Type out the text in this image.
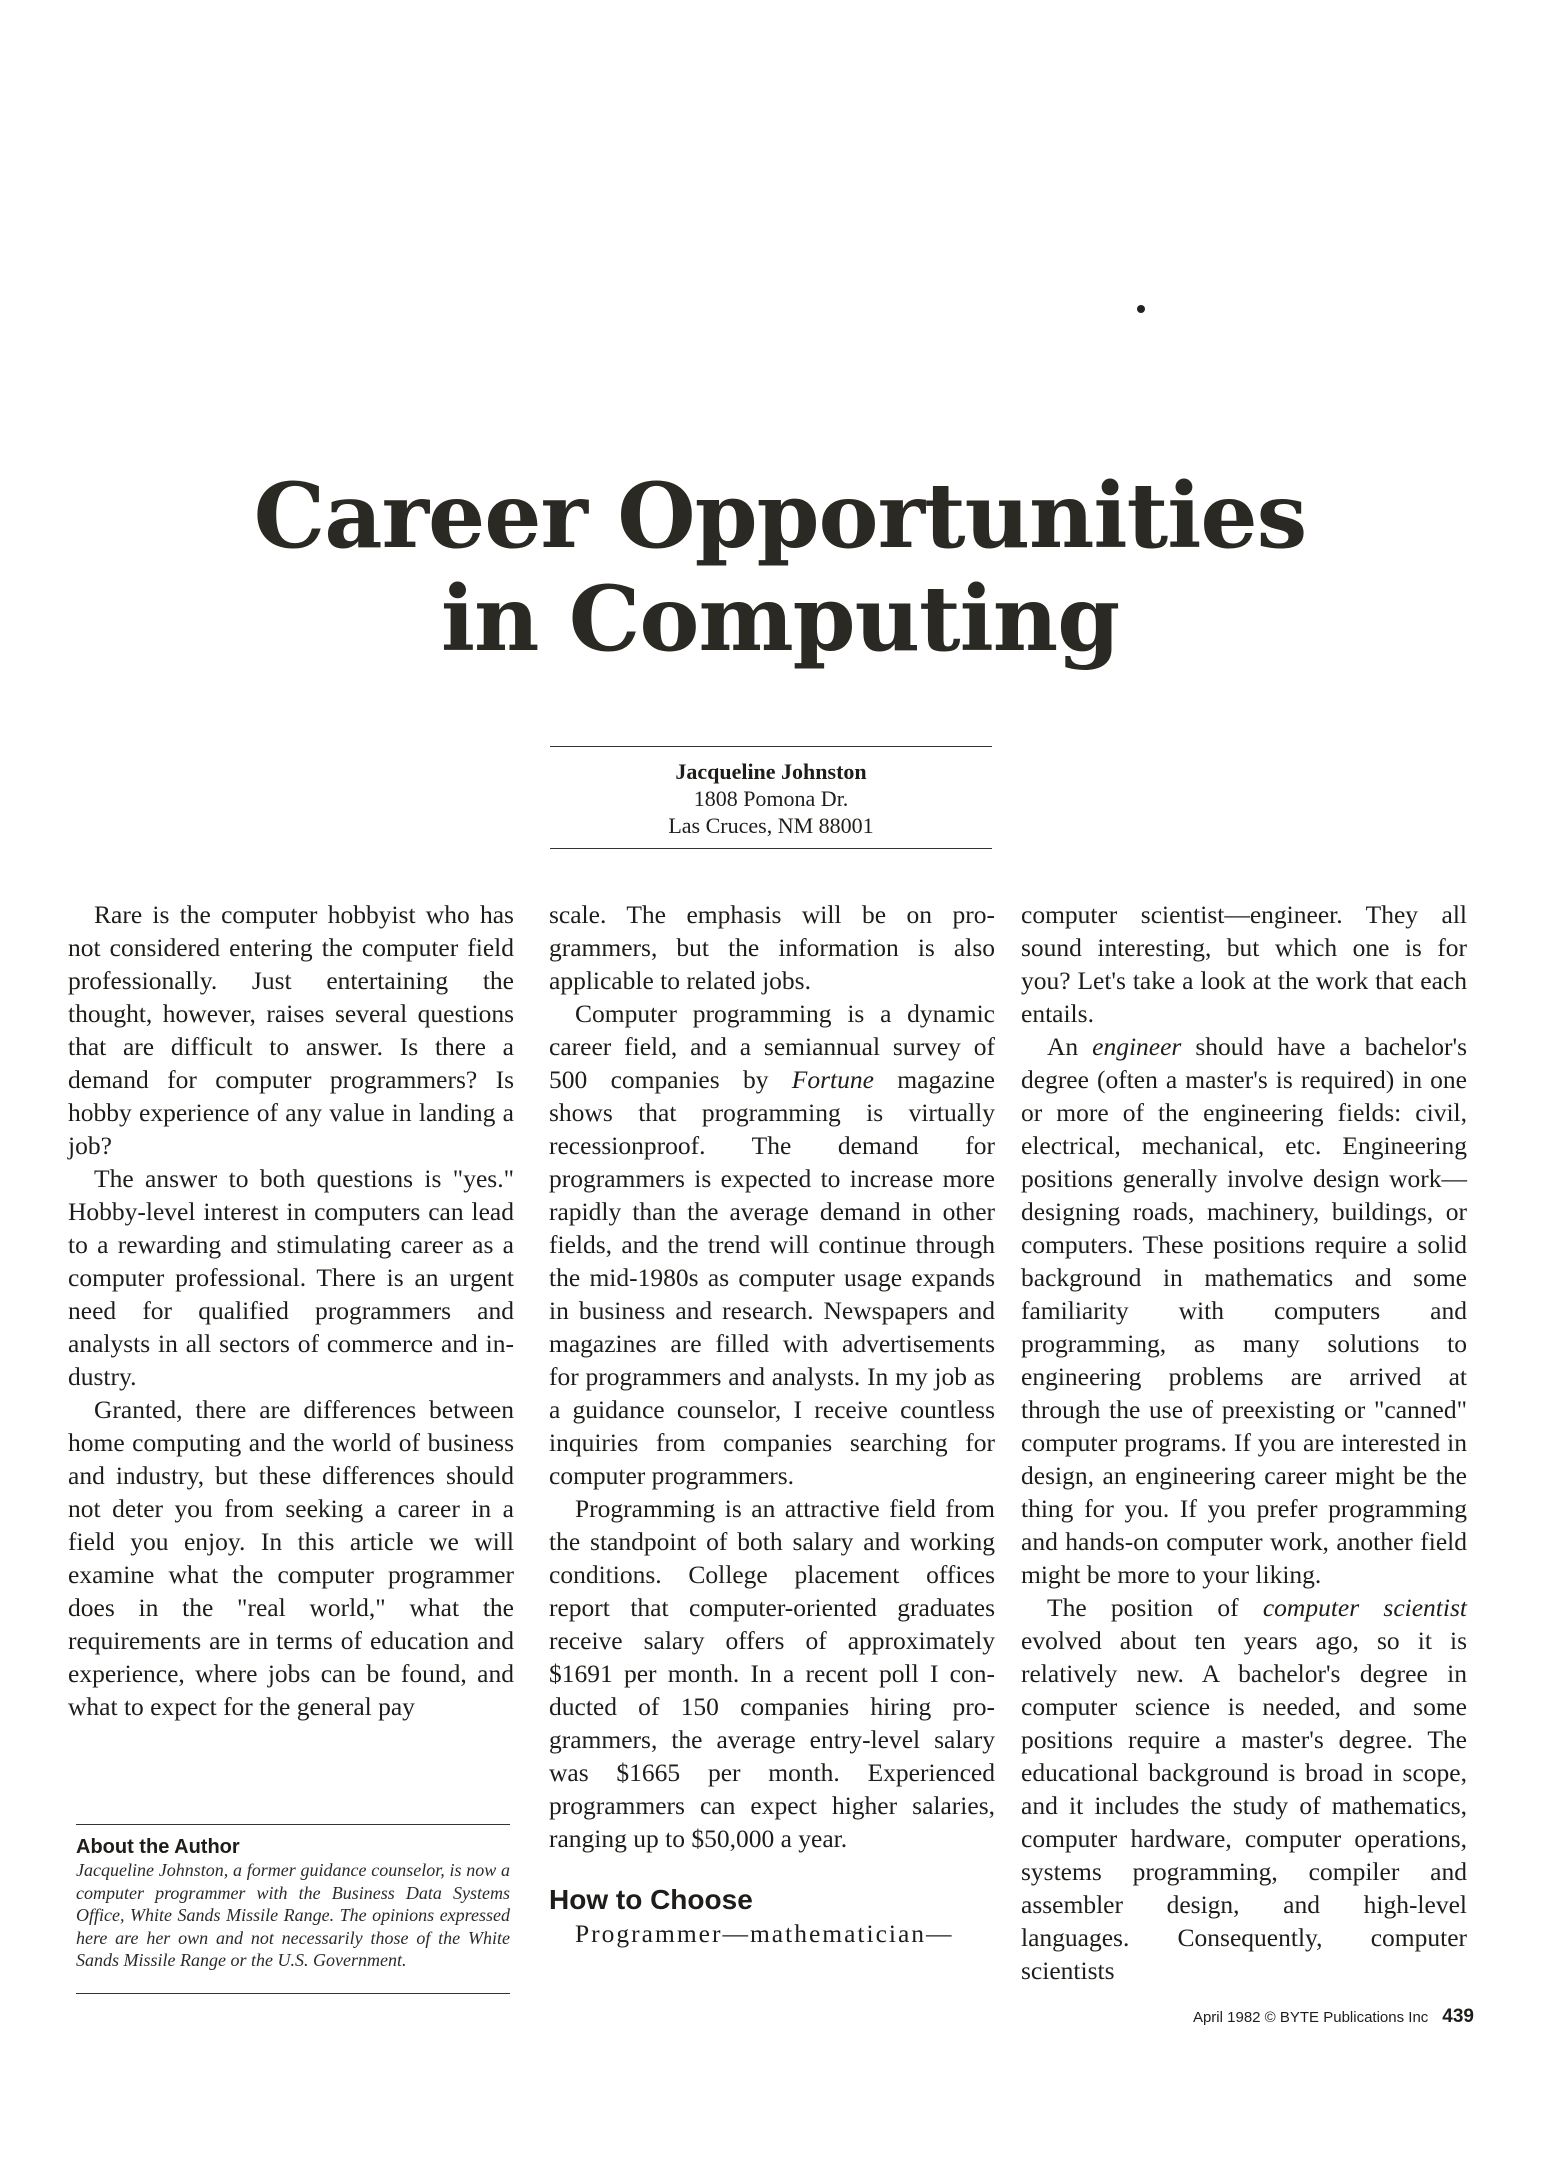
Career Opportunities
in Computing
Jacqueline Johnston
1808 Pomona Dr.
Las Cruces, NM 88001

Rare is the computer hobbyist who has not considered entering the computer field professionally. Just entertaining the thought, however, raises several questions that are difficult to answer. Is there a demand for computer programmers? Is hobby experience of any value in landing a job?

The answer to both questions is "yes." Hobby-level interest in computers can lead to a rewarding and stimulating career as a computer professional. There is an urgent need for qualified programmers and analysts in all sectors of commerce and industry.

Granted, there are differences between home computing and the world of business and industry, but these differences should not deter you from seeking a career in a field you enjoy. In this article we will examine what the computer programmer does in the "real world," what the requirements are in terms of education and experience, where jobs can be found, and what to expect for the general pay

About the Author

Jacqueline Johnston, a former guidance counselor, is now a computer programmer with the Business Data Systems Office, White Sands Missile Range. The opinions expressed here are her own and not necessarily those of the White Sands Missile Range or the U.S. Government.

scale. The emphasis will be on programmers, but the information is also applicable to related jobs.

Computer programming is a dynamic career field, and a semiannual survey of 500 companies by Fortune magazine shows that programming is virtually recessionproof. The demand for programmers is expected to increase more rapidly than the average demand in other fields, and the trend will continue through the mid-1980s as computer usage expands in business and research. Newspapers and magazines are filled with advertisements for programmers and analysts. In my job as a guidance counselor, I receive countless inquiries from companies searching for computer programmers.

Programming is an attractive field from the standpoint of both salary and working conditions. College placement offices report that computer-oriented graduates receive salary offers of approximately $1691 per month. In a recent poll I conducted of 150 companies hiring programmers, the average entry-level salary was $1665 per month. Experienced programmers can expect higher salaries, ranging up to $50,000 a year.

How to Choose

Programmer—mathematician—

computer scientist—engineer. They all sound interesting, but which one is for you? Let's take a look at the work that each entails.

An engineer should have a bachelor's degree (often a master's is required) in one or more of the engineering fields: civil, electrical, mechanical, etc. Engineering positions generally involve design work—designing roads, machinery, buildings, or computers. These positions require a solid background in mathematics and some familiarity with computers and programming, as many solutions to engineering problems are arrived at through the use of preexisting or "canned" computer programs. If you are interested in design, an engineering career might be the thing for you. If you prefer programming and hands-on computer work, another field might be more to your liking.

The position of computer scientist evolved about ten years ago, so it is relatively new. A bachelor's degree in computer science is needed, and some positions require a master's degree. The educational background is broad in scope, and it includes the study of mathematics, computer hardware, computer operations, systems programming, compiler and assembler design, and high-level languages. Consequently, computer scientists

April 1982 © BYTE Publications Inc 439
